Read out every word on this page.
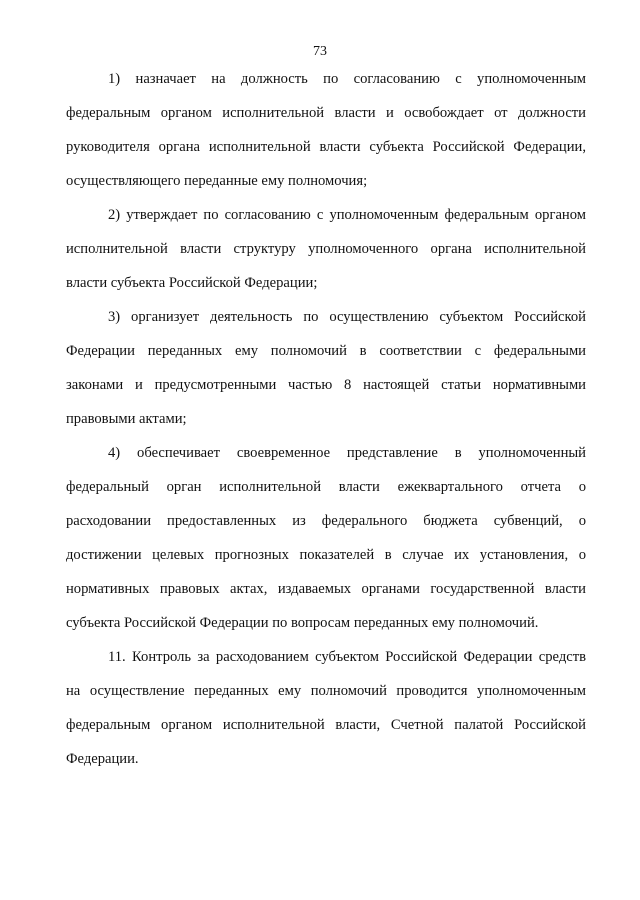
73
1) назначает на должность по согласованию с уполномоченным
федеральным органом исполнительной власти и освобождает от должности
руководителя органа исполнительной власти субъекта Российской Федерации,
осуществляющего переданные ему полномочия;
2) утверждает по согласованию с уполномоченным федеральным органом
исполнительной власти структуру уполномоченного органа исполнительной
власти субъекта Российской Федерации;
3) организует деятельность по осуществлению субъектом Российской
Федерации переданных ему полномочий в соответствии с федеральными
законами и предусмотренными частью 8 настоящей статьи нормативными
правовыми актами;
4) обеспечивает своевременное представление в уполномоченный
федеральный орган исполнительной власти ежеквартального отчета о
расходовании предоставленных из федерального бюджета субвенций, о
достижении целевых прогнозных показателей в случае их установления, о
нормативных правовых актах, издаваемых органами государственной власти
субъекта Российской Федерации по вопросам переданных ему полномочий.
11. Контроль за расходованием субъектом Российской Федерации средств
на осуществление переданных ему полномочий проводится уполномоченным
федеральным органом исполнительной власти, Счетной палатой Российской
Федерации.
